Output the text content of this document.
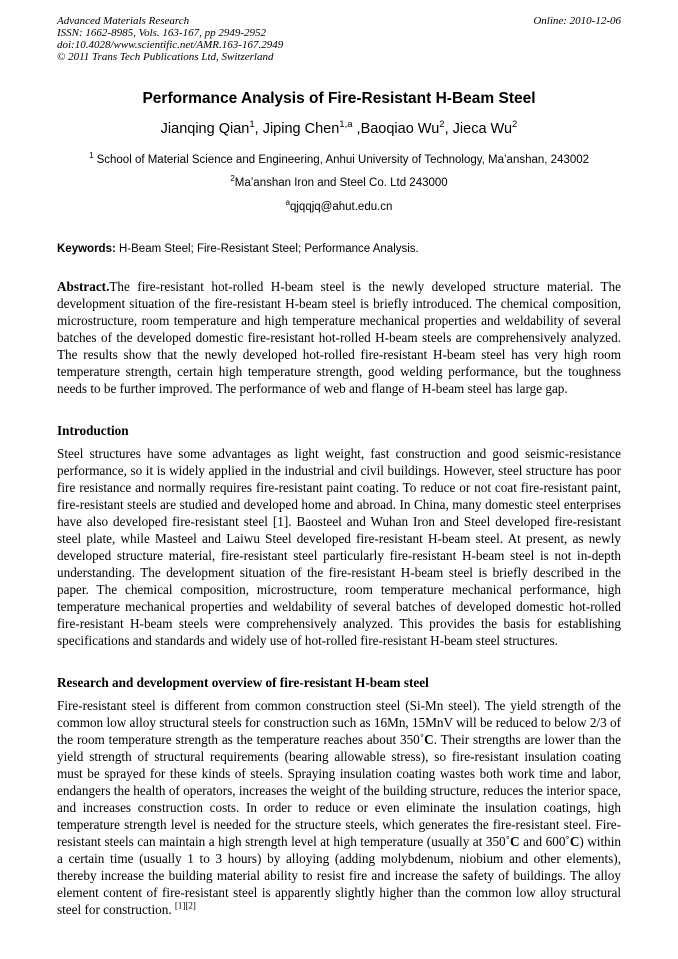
Advanced Materials Research
ISSN: 1662-8985, Vols. 163-167, pp 2949-2952
doi:10.4028/www.scientific.net/AMR.163-167.2949
© 2011 Trans Tech Publications Ltd, Switzerland
Online: 2010-12-06
Performance Analysis of Fire-Resistant H-Beam Steel
Jianqing Qian$^1$, Jiping Chen$^{1,a}$ ,Baoqiao Wu$^2$, Jieca Wu$^2$
$^1$ School of Material Science and Engineering, Anhui University of Technology, Ma’anshan, 243002
$^2$Ma’anshan Iron and Steel Co. Ltd 243000
$^a$qjqqjq@ahut.edu.cn

Keywords: H-Beam Steel; Fire-Resistant Steel; Performance Analysis.

Abstract.The fire-resistant hot-rolled H-beam steel is the newly developed structure material. The development situation of the fire-resistant H-beam steel is briefly introduced. The chemical composition, microstructure, room temperature and high temperature mechanical properties and weldability of several batches of the developed domestic fire-resistant hot-rolled H-beam steels are comprehensively analyzed. The results show that the newly developed hot-rolled fire-resistant H-beam steel has very high room temperature strength, certain high temperature strength, good welding performance, but the toughness needs to be further improved. The performance of web and flange of H-beam steel has large gap.

Introduction

Steel structures have some advantages as light weight, fast construction and good seismic-resistance performance, so it is widely applied in the industrial and civil buildings. However, steel structure has poor fire resistance and normally requires fire-resistant paint coating. To reduce or not coat fire-resistant paint, fire-resistant steels are studied and developed home and abroad. In China, many domestic steel enterprises have also developed fire-resistant steel [1]. Baosteel and Wuhan Iron and Steel developed fire-resistant steel plate, while Masteel and Laiwu Steel developed fire-resistant H-beam steel. At present, as newly developed structure material, fire-resistant steel particularly fire-resistant H-beam steel is not in-depth understanding. The development situation of the fire-resistant H-beam steel is briefly described in the paper. The chemical composition, microstructure, room temperature mechanical performance, high temperature mechanical properties and weldability of several batches of developed domestic hot-rolled fire-resistant H-beam steels were comprehensively analyzed. This provides the basis for establishing specifications and standards and widely use of hot-rolled fire-resistant H-beam steel structures.

Research and development overview of fire-resistant H-beam steel

Fire-resistant steel is different from common construction steel (Si-Mn steel). The yield strength of the common low alloy structural steels for construction such as 16Mn, 15MnV will be reduced to below 2/3 of the room temperature strength as the temperature reaches about 350˚C. Their strengths are lower than the yield strength of structural requirements (bearing allowable stress), so fire-resistant insulation coating must be sprayed for these kinds of steels. Spraying insulation coating wastes both work time and labor, endangers the health of operators, increases the weight of the building structure, reduces the interior space, and increases construction costs. In order to reduce or even eliminate the insulation coatings, high temperature strength level is needed for the structure steels, which generates the fire-resistant steel. Fire-resistant steels can maintain a high strength level at high temperature (usually at 350˚C and 600˚C) within a certain time (usually 1 to 3 hours) by alloying (adding molybdenum, niobium and other elements), thereby increase the building material ability to resist fire and increase the safety of buildings. The alloy element content of fire-resistant steel is apparently slightly higher than the common low alloy structural steel for construction. [1][2]
